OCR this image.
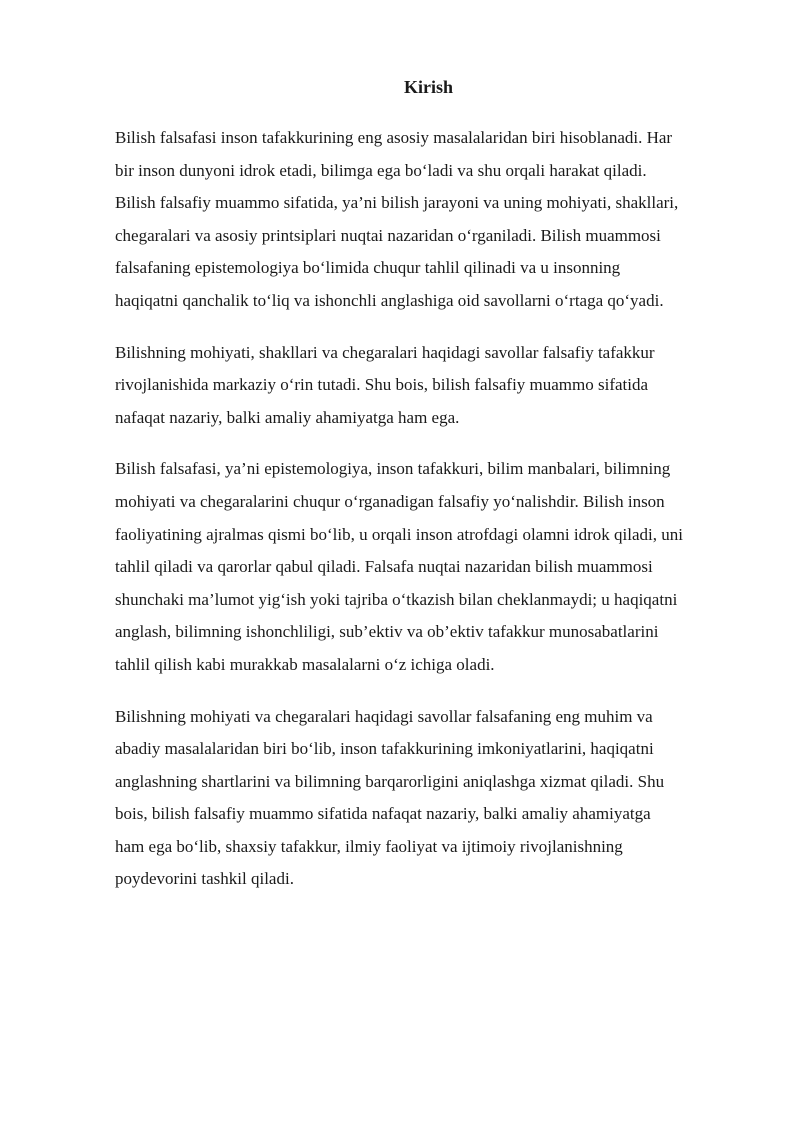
Kirish

Bilish falsafasi inson tafakkurining eng asosiy masalalaridan biri hisoblanadi. Har
bir inson dunyoni idrok etadi, bilimga ega bo‘ladi va shu orqali harakat qiladi.
Bilish falsafiy muammo sifatida, ya’ni bilish jarayoni va uning mohiyati, shakllari,
chegaralari va asosiy printsiplari nuqtai nazaridan o‘rganiladi. Bilish muammosi
falsafaning epistemologiya bo‘limida chuqur tahlil qilinadi va u insonning
haqiqatni qanchalik to‘liq va ishonchli anglashiga oid savollarni o‘rtaga qo‘yadi.

Bilishning mohiyati, shakllari va chegaralari haqidagi savollar falsafiy tafakkur
rivojlanishida markaziy o‘rin tutadi. Shu bois, bilish falsafiy muammo sifatida
nafaqat nazariy, balki amaliy ahamiyatga ham ega.

Bilish falsafasi, ya’ni epistemologiya, inson tafakkuri, bilim manbalari, bilimning
mohiyati va chegaralarini chuqur o‘rganadigan falsafiy yo‘nalishdir. Bilish inson
faoliyatining ajralmas qismi bo‘lib, u orqali inson atrofdagi olamni idrok qiladi, uni
tahlil qiladi va qarorlar qabul qiladi. Falsafa nuqtai nazaridan bilish muammosi
shunchaki ma’lumot yig‘ish yoki tajriba o‘tkazish bilan cheklanmaydi; u haqiqatni
anglash, bilimning ishonchliligi, sub’ektiv va ob’ektiv tafakkur munosabatlarini
tahlil qilish kabi murakkab masalalarni o‘z ichiga oladi.

Bilishning mohiyati va chegaralari haqidagi savollar falsafaning eng muhim va
abadiy masalalaridan biri bo‘lib, inson tafakkurining imkoniyatlarini, haqiqatni
anglashning shartlarini va bilimning barqarorligini aniqlashga xizmat qiladi. Shu
bois, bilish falsafiy muammo sifatida nafaqat nazariy, balki amaliy ahamiyatga
ham ega bo‘lib, shaxsiy tafakkur, ilmiy faoliyat va ijtimoiy rivojlanishning
poydevorini tashkil qiladi.
